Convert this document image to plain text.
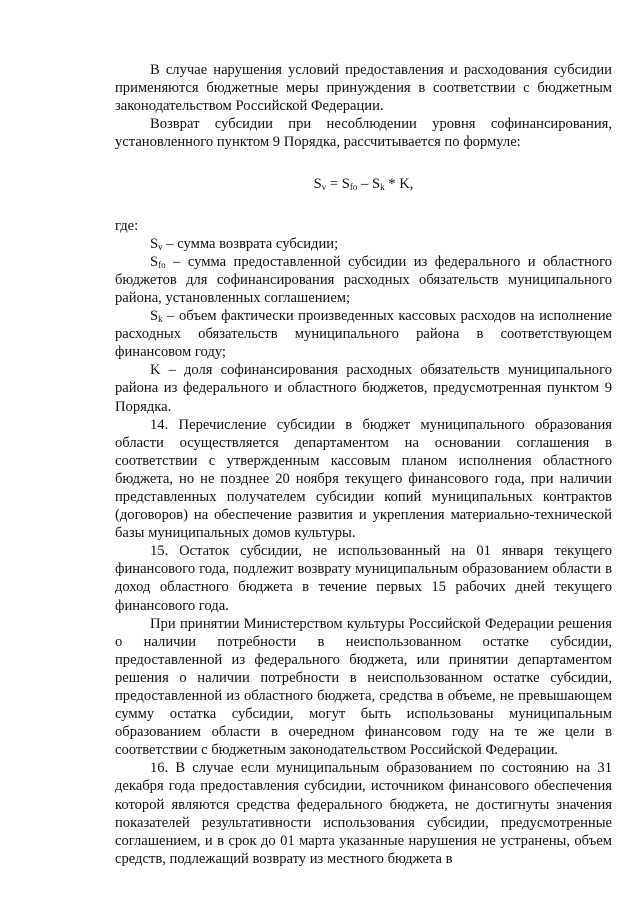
В случае нарушения условий предоставления и расходования субсидии применяются бюджетные меры принуждения в соответствии с бюджетным законодательством Российской Федерации.

Возврат субсидии при несоблюдении уровня софинансирования, установленного пунктом 9 Порядка, рассчитывается по формуле:

$S_v = S_{fo} - S_k * K$,

где:

$S_v$ – сумма возврата субсидии;

$S_{fo}$ – сумма предоставленной субсидии из федерального и областного бюджетов для софинансирования расходных обязательств муниципального района, установленных соглашением;

$S_k$ – объем фактически произведенных кассовых расходов на исполнение расходных обязательств муниципального района в соответствующем финансовом году;

K – доля софинансирования расходных обязательств муниципального района из федерального и областного бюджетов, предусмотренная пунктом 9 Порядка.

14. Перечисление субсидии в бюджет муниципального образования области осуществляется департаментом на основании соглашения в соответствии с утвержденным кассовым планом исполнения областного бюджета, но не позднее 20 ноября текущего финансового года, при наличии представленных получателем субсидии копий муниципальных контрактов (договоров) на обеспечение развития и укрепления материально-технической базы муниципальных домов культуры.

15. Остаток субсидии, не использованный на 01 января текущего финансового года, подлежит возврату муниципальным образованием области в доход областного бюджета в течение первых 15 рабочих дней текущего финансового года.

При принятии Министерством культуры Российской Федерации решения о наличии потребности в неиспользованном остатке субсидии, предоставленной из федерального бюджета, или принятии департаментом решения о наличии потребности в неиспользованном остатке субсидии, предоставленной из областного бюджета, средства в объеме, не превышающем сумму остатка субсидии, могут быть использованы муниципальным образованием области в очередном финансовом году на те же цели в соответствии с бюджетным законодательством Российской Федерации.

16. В случае если муниципальным образованием по состоянию на 31 декабря года предоставления субсидии, источником финансового обеспечения которой являются средства федерального бюджета, не достигнуты значения показателей результативности использования субсидии, предусмотренные соглашением, и в срок до 01 марта указанные нарушения не устранены, объем средств, подлежащий возврату из местного бюджета в
